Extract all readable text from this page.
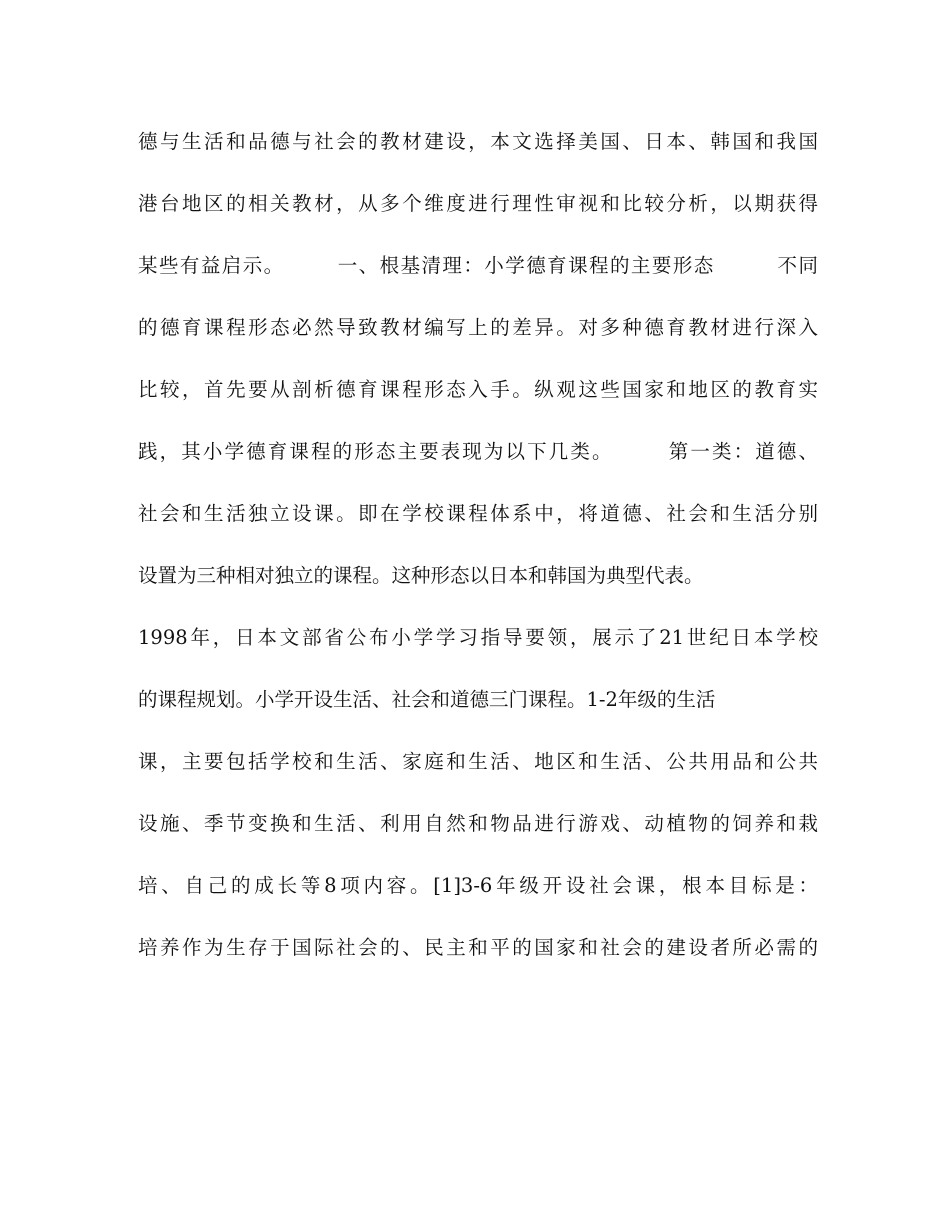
德与生活和品德与社会的教材建设，本文选择美国、日本、韩国和我国
港台地区的相关教材，从多个维度进行理性审视和比较分析，以期获得
某些有益启示。　　　一、根基清理：小学德育课程的主要形态　　　不同
的德育课程形态必然导致教材编写上的差异。对多种德育教材进行深入
比较，首先要从剖析德育课程形态入手。纵观这些国家和地区的教育实
践，其小学德育课程的形态主要表现为以下几类。　　　第一类：道德、
社会和生活独立设课。即在学校课程体系中，将道德、社会和生活分别
设置为三种相对独立的课程。这种形态以日本和韩国为典型代表。
1998年，日本文部省公布小学学习指导要领，展示了21世纪日本学校
的课程规划。小学开设生活、社会和道德三门课程。1-2年级的生活
课，主要包括学校和生活、家庭和生活、地区和生活、公共用品和公共
设施、季节变换和生活、利用自然和物品进行游戏、动植物的饲养和栽
培、自己的成长等8项内容。[1]3-6年级开设社会课，根本目标是：
培养作为生存于国际社会的、民主和平的国家和社会的建设者所必需的
